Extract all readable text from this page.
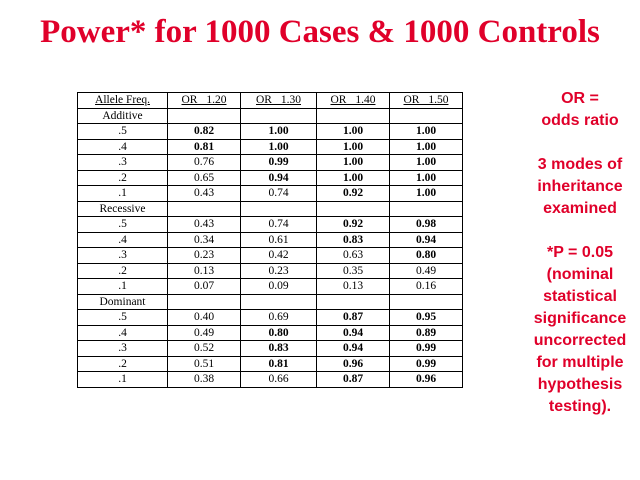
Power* for 1000 Cases & 1000 Controls
Allele Freq.	OR 1.20	OR 1.30	OR 1.40	OR 1.50
Additive				
.5	0.82	1.00	1.00	1.00
.4	0.81	1.00	1.00	1.00
.3	0.76	0.99	1.00	1.00
.2	0.65	0.94	1.00	1.00
.1	0.43	0.74	0.92	1.00
Recessive				
.5	0.43	0.74	0.92	0.98
.4	0.34	0.61	0.83	0.94
.3	0.23	0.42	0.63	0.80
.2	0.13	0.23	0.35	0.49
.1	0.07	0.09	0.13	0.16
Dominant				
.5	0.40	0.69	0.87	0.95
.4	0.49	0.80	0.94	0.89
.3	0.52	0.83	0.94	0.99
.2	0.51	0.81	0.96	0.99
.1	0.38	0.66	0.87	0.96

OR =

odds ratio

3 modes of

inheritance

examined

*P = 0.05

(nominal

statistical

significance

uncorrected

for multiple

hypothesis

testing).
